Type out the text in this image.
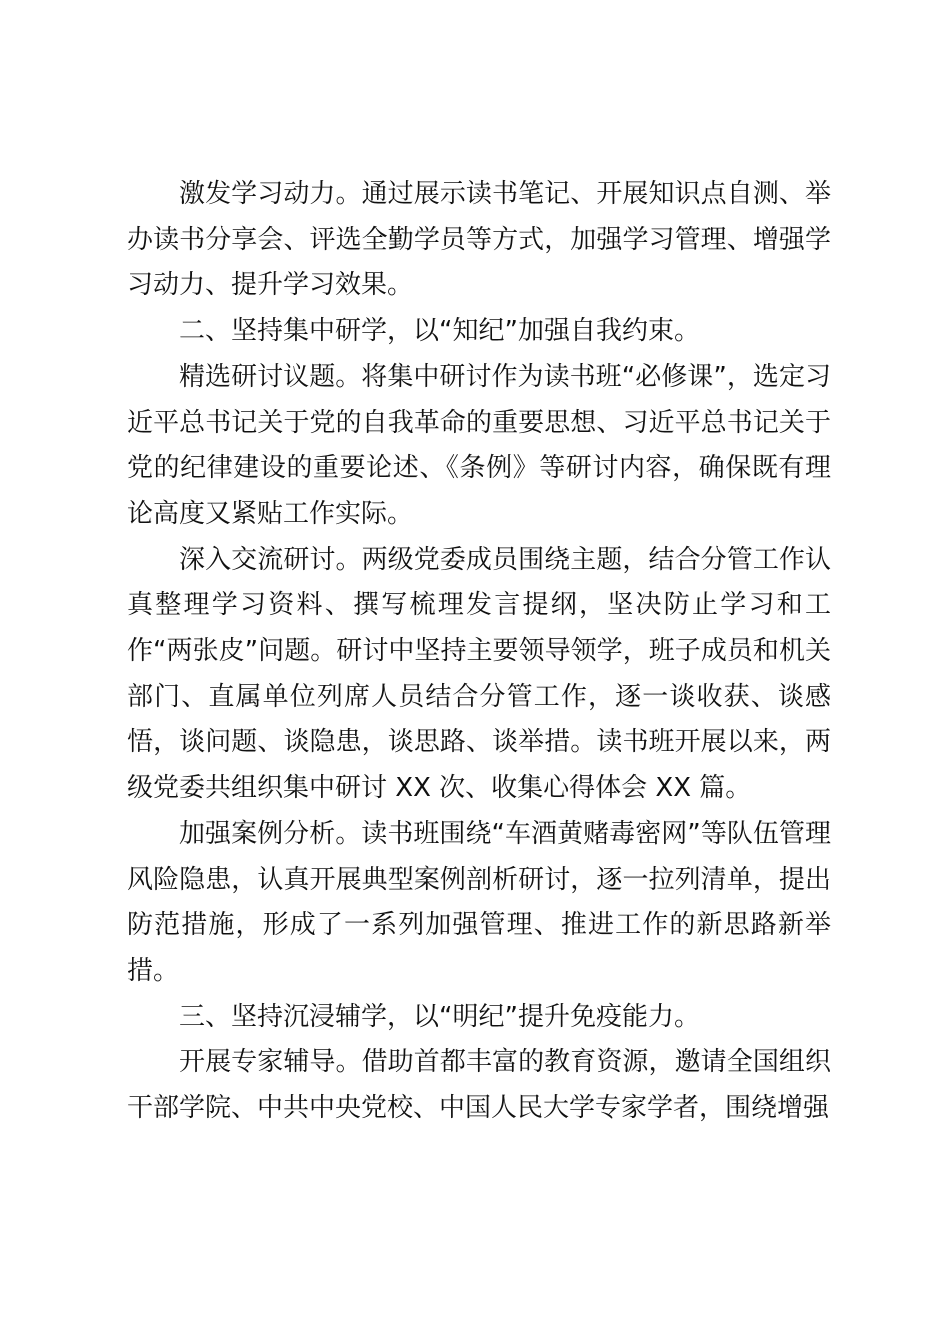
激发学习动力。通过展示读书笔记、开展知识点自测、举办读书分享会、评选全勤学员等方式，加强学习管理、增强学习动力、提升学习效果。

二、坚持集中研学，以“知纪”加强自我约束。

精选研讨议题。将集中研讨作为读书班“必修课”，选定习近平总书记关于党的自我革命的重要思想、习近平总书记关于党的纪律建设的重要论述、《条例》等研讨内容，确保既有理论高度又紧贴工作实际。

深入交流研讨。两级党委成员围绕主题，结合分管工作认真整理学习资料、撰写梳理发言提纲，坚决防止学习和工作“两张皮”问题。研讨中坚持主要领导领学，班子成员和机关部门、直属单位列席人员结合分管工作，逐一谈收获、谈感悟，谈问题、谈隐患，谈思路、谈举措。读书班开展以来，两级党委共组织集中研讨 XX 次、收集心得体会 XX 篇。

加强案例分析。读书班围绕“车酒黄赌毒密网”等队伍管理风险隐患，认真开展典型案例剖析研讨，逐一拉列清单，提出防范措施，形成了一系列加强管理、推进工作的新思路新举措。

三、坚持沉浸辅学，以“明纪”提升免疫能力。

开展专家辅导。借助首都丰富的教育资源，邀请全国组织干部学院、中共中央党校、中国人民大学专家学者，围绕增强
